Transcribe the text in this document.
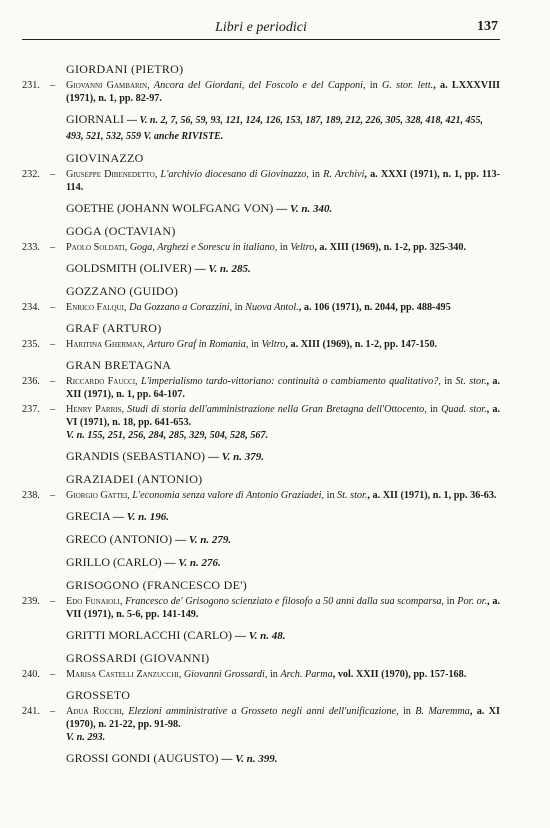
Libri e periodici	137
GIORDANI (PIETRO)
231. –	Giovanni Gambarin, Ancora del Giordani, del Foscolo e del Capponi, in G. stor. lett., a. LXXXVIII (1971), n. 1, pp. 82-97.
GIORNALI — V. n. 2, 7, 56, 59, 93, 121, 124, 126, 153, 187, 189, 212, 226, 305, 328, 418, 421, 455, 493, 521, 532, 559 V. anche RIVISTE.
GIOVINAZZO
232. –	Giuseppe Dibenedetto, L'archivio diocesano di Giovinazzo, in R. Archivi, a. XXXI (1971), n. 1, pp. 113-114.
GOETHE (JOHANN WOLFGANG VON) — V. n. 340.
GOGA (OCTAVIAN)
233. –	Paolo Soldati, Goga, Arghezi e Sorescu in italiano, in Veltro, a. XIII (1969), n. 1-2, pp. 325-340.
GOLDSMITH (OLIVER) — V. n. 285.
GOZZANO (GUIDO)
234. –	Enrico Falqui, Da Gozzano a Corazzini, in Nuova Antol., a. 106 (1971), n. 2044, pp. 488-495
GRAF (ARTURO)
235. –	Haritina Gherman, Arturo Graf in Romania, in Veltro, a. XIII (1969), n. 1-2, pp. 147-150.
GRAN BRETAGNA
236. –	Riccardo Faucci, L'imperialismo tardo-vittoriano: continuità o cambiamento qualitativo?, in St. stor., a. XII (1971), n. 1, pp. 64-107.
237. –	Henry Parris, Studi di storia dell'amministrazione nella Gran Bretagna dell'Ottocento, in Quad. stor., a. VI (1971), n. 18, pp. 641-653.
V. n. 155, 251, 256, 284, 285, 329, 504, 528, 567.
GRANDIS (SEBASTIANO) — V. n. 379.
GRAZIADEI (ANTONIO)
238. –	Giorgio Gattei, L'economia senza valore di Antonio Graziadei, in St. stor., a. XII (1971), n. 1, pp. 36-63.
GRECIA — V. n. 196.
GRECO (ANTONIO) — V. n. 279.
GRILLO (CARLO) — V. n. 276.
GRISOGONO (FRANCESCO DE')
239. –	Edo Funaioli, Francesco de' Grisogono scienziato e filosofo a 50 anni dalla sua scomparsa, in Por. or., a. VII (1971), n. 5-6, pp. 141-149.
GRITTI MORLACCHI (CARLO) — V. n. 48.
GROSSARDI (GIOVANNI)
240. –	Marisa Castelli Zanzucchi, Giovanni Grossardi, in Arch. Parma, vol. XXII (1970), pp. 157-168.
GROSSETO
241. –	Adua Rocchi, Elezioni amministrative a Grosseto negli anni dell'unificazione, in B. Maremma, a. XI (1970), n. 21-22, pp. 91-98.
V. n. 293.
GROSSI GONDI (AUGUSTO) — V. n. 399.
